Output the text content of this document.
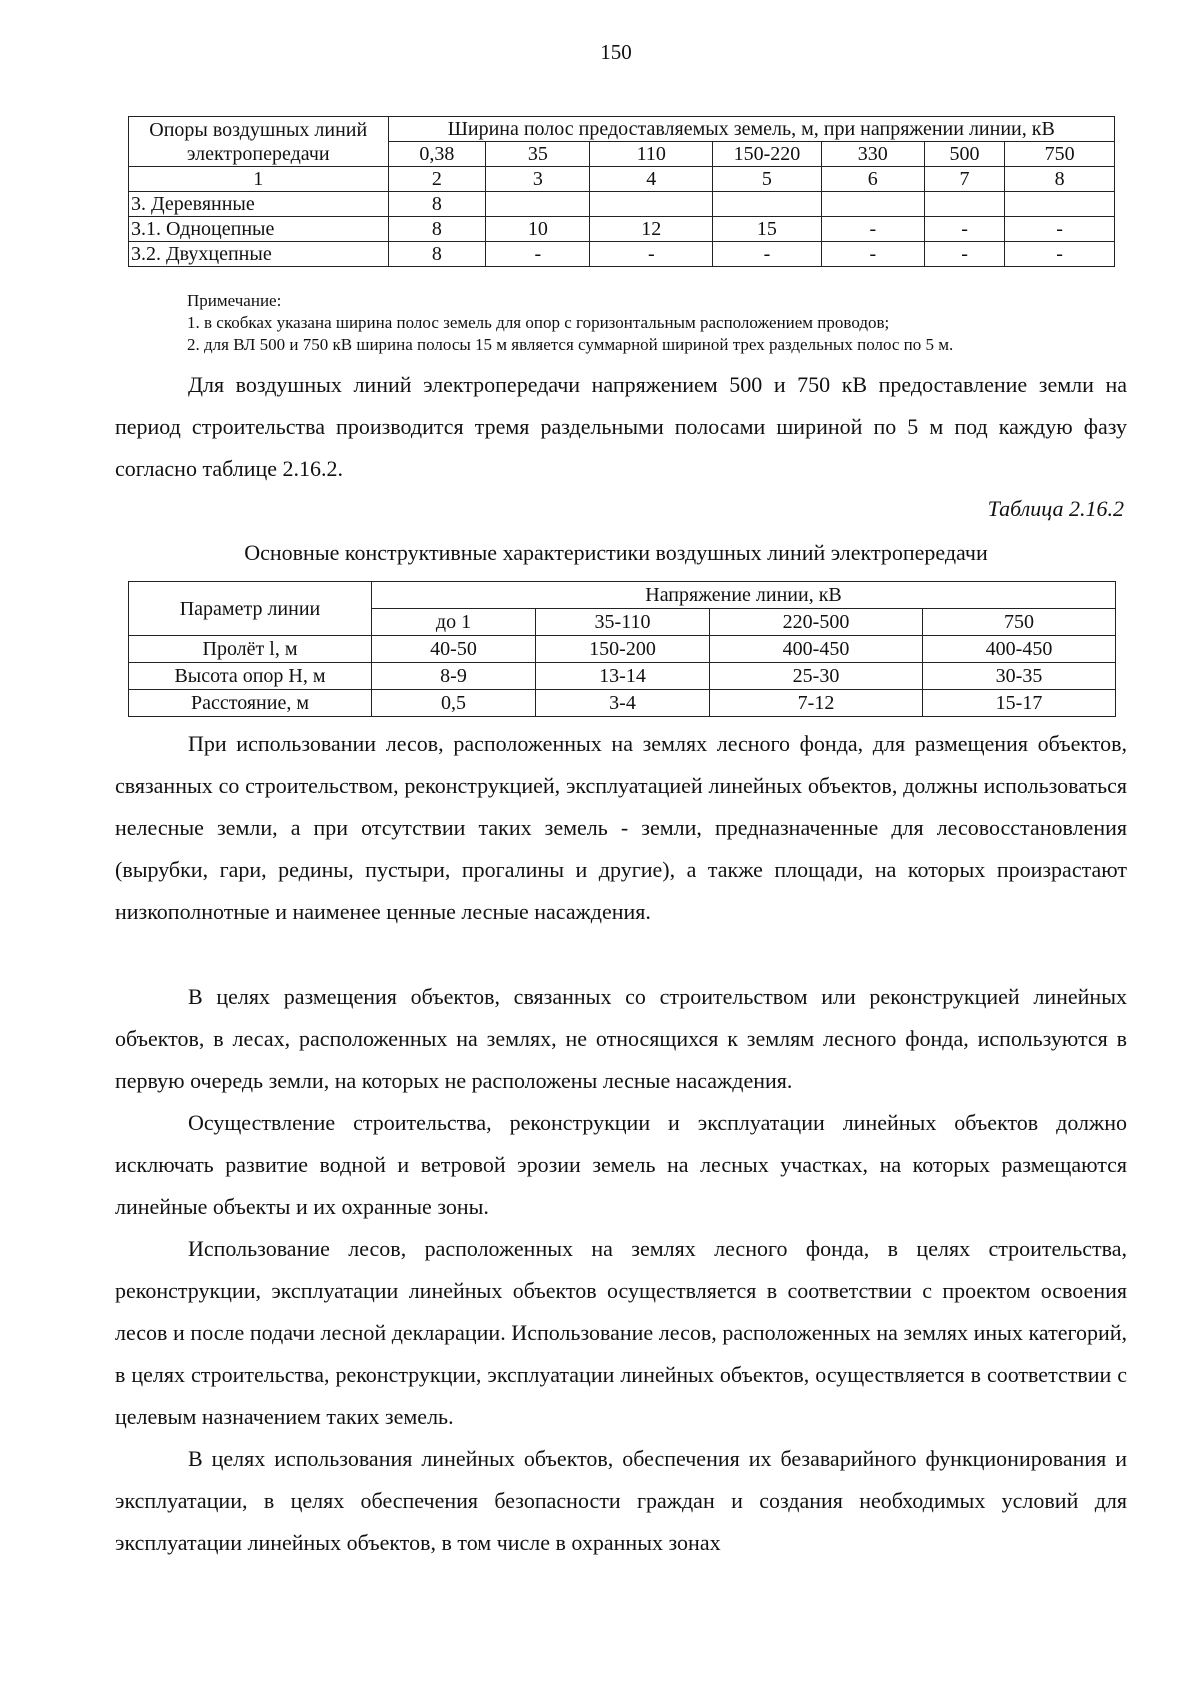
150
Опоры воздушных линий
электропередачи	Ширина полос предоставляемых земель, м, при напряжении линии, кВ						
	0,38	35	110	150-220	330	500	750
1	2	3	4	5	6	7	8
3. Деревянные	8						
3.1. Одноцепные	8	10	12	15	-	-	-
3.2. Двухцепные	8	-	-	-	-	-	-
Примечание:
1. в скобках указана ширина полос земель для опор с горизонтальным расположением проводов;
2. для ВЛ 500 и 750 кВ ширина полосы 15 м является суммарной шириной трех раздельных полос по 5 м.

Для воздушных линий электропередачи напряжением 500 и 750 кВ предоставление земли на период строительства производится тремя раздельными полосами шириной по 5 м под каждую фазу согласно таблице 2.16.2.

Таблица 2.16.2
Основные конструктивные характеристики воздушных линий электропередачи
Параметр линии	Напряжение линии, кВ			
	до 1	35-110	220-500	750
Пролёт l, м	40-50	150-200	400-450	400-450
Высота опор Н, м	8-9	13-14	25-30	30-35
Расстояние, м	0,5	3-4	7-12	15-17

При использовании лесов, расположенных на землях лесного фонда, для размещения объектов, связанных со строительством, реконструкцией, эксплуатацией линейных объектов, должны использоваться нелесные земли, а при отсутствии таких земель - земли, предназначенные для лесовосстановления (вырубки, гари, редины, пустыри, прогалины и другие), а также площади, на которых произрастают низкополнотные и наименее ценные лесные насаждения.

В целях размещения объектов, связанных со строительством или реконструкцией линейных объектов, в лесах, расположенных на землях, не относящихся к землям лесного фонда, используются в первую очередь земли, на которых не расположены лесные насаждения.

Осуществление строительства, реконструкции и эксплуатации линейных объектов должно исключать развитие водной и ветровой эрозии земель на лесных участках, на которых размещаются линейные объекты и их охранные зоны.

Использование лесов, расположенных на землях лесного фонда, в целях строительства, реконструкции, эксплуатации линейных объектов осуществляется в соответствии с проектом освоения лесов и после подачи лесной декларации. Использование лесов, расположенных на землях иных категорий, в целях строительства, реконструкции, эксплуатации линейных объектов, осуществляется в соответствии с целевым назначением таких земель.

В целях использования линейных объектов, обеспечения их безаварийного функционирования и эксплуатации, в целях обеспечения безопасности граждан и создания необходимых условий для эксплуатации линейных объектов, в том числе в охранных зонах
